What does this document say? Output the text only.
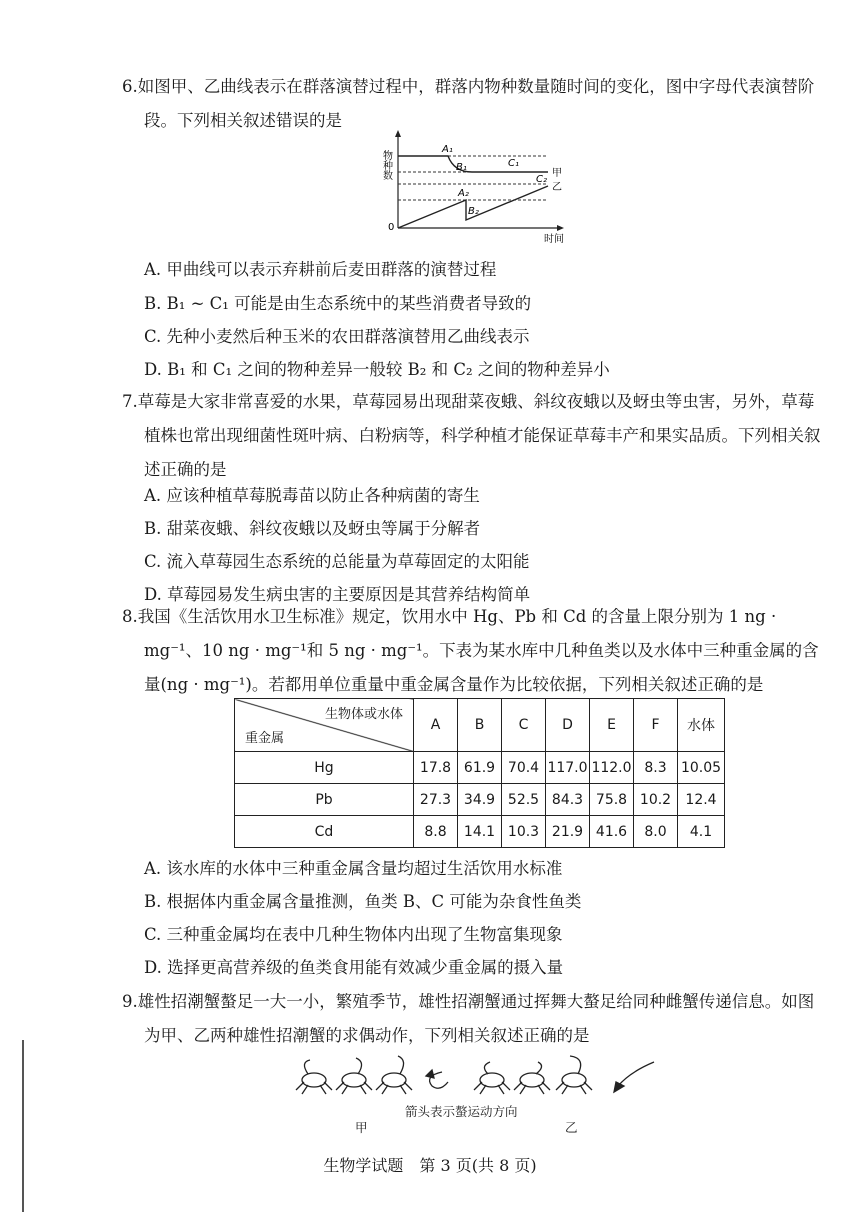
6.如图甲、乙曲线表示在群落演替过程中，群落内物种数量随时间的变化，图中字母代表演替阶段。下列相关叙述错误的是
物种数
0
时间
A₁
B₁	C₁
甲
A₂
B₂
C₂
乙
A. 甲曲线可以表示弃耕前后麦田群落的演替过程
B. B₁ ~ C₁ 可能是由生态系统中的某些消费者导致的
C. 先种小麦然后种玉米的农田群落演替用乙曲线表示
D. B₁ 和 C₁ 之间的物种差异一般较 B₂ 和 C₂ 之间的物种差异小
7.草莓是大家非常喜爱的水果，草莓园易出现甜菜夜蛾、斜纹夜蛾以及蚜虫等虫害，另外，草莓植株也常出现细菌性斑叶病、白粉病等，科学种植才能保证草莓丰产和果实品质。下列相关叙述正确的是
A. 应该种植草莓脱毒苗以防止各种病菌的寄生
B. 甜菜夜蛾、斜纹夜蛾以及蚜虫等属于分解者
C. 流入草莓园生态系统的总能量为草莓固定的太阳能
D. 草莓园易发生病虫害的主要原因是其营养结构简单
8.我国《生活饮用水卫生标准》规定，饮用水中 Hg、Pb 和 Cd 的含量上限分别为 1 ng · mg⁻¹、10 ng · mg⁻¹和 5 ng · mg⁻¹。下表为某水库中几种鱼类以及水体中三种重金属的含量(ng · mg⁻¹)。若都用单位重量中重金属含量作为比较依据，下列相关叙述正确的是
生物体或水体
重金属	A	B	C	D	E	F	水体
Hg	17.8	61.9	70.4	117.0	112.0	8.3	10.05
Pb	27.3	34.9	52.5	84.3	75.8	10.2	12.4
Cd	8.8	14.1	10.3	21.9	41.6	8.0	4.1
A. 该水库的水体中三种重金属含量均超过生活饮用水标准
B. 根据体内重金属含量推测，鱼类 B、C 可能为杂食性鱼类
C. 三种重金属均在表中几种生物体内出现了生物富集现象
D. 选择更高营养级的鱼类食用能有效减少重金属的摄入量
9.雄性招潮蟹螯足一大一小，繁殖季节，雄性招潮蟹通过挥舞大螯足给同种雌蟹传递信息。如图为甲、乙两种雄性招潮蟹的求偶动作，下列相关叙述正确的是
箭头表示螯运动方向
甲	乙
生物学试题　第 3 页(共 8 页)
